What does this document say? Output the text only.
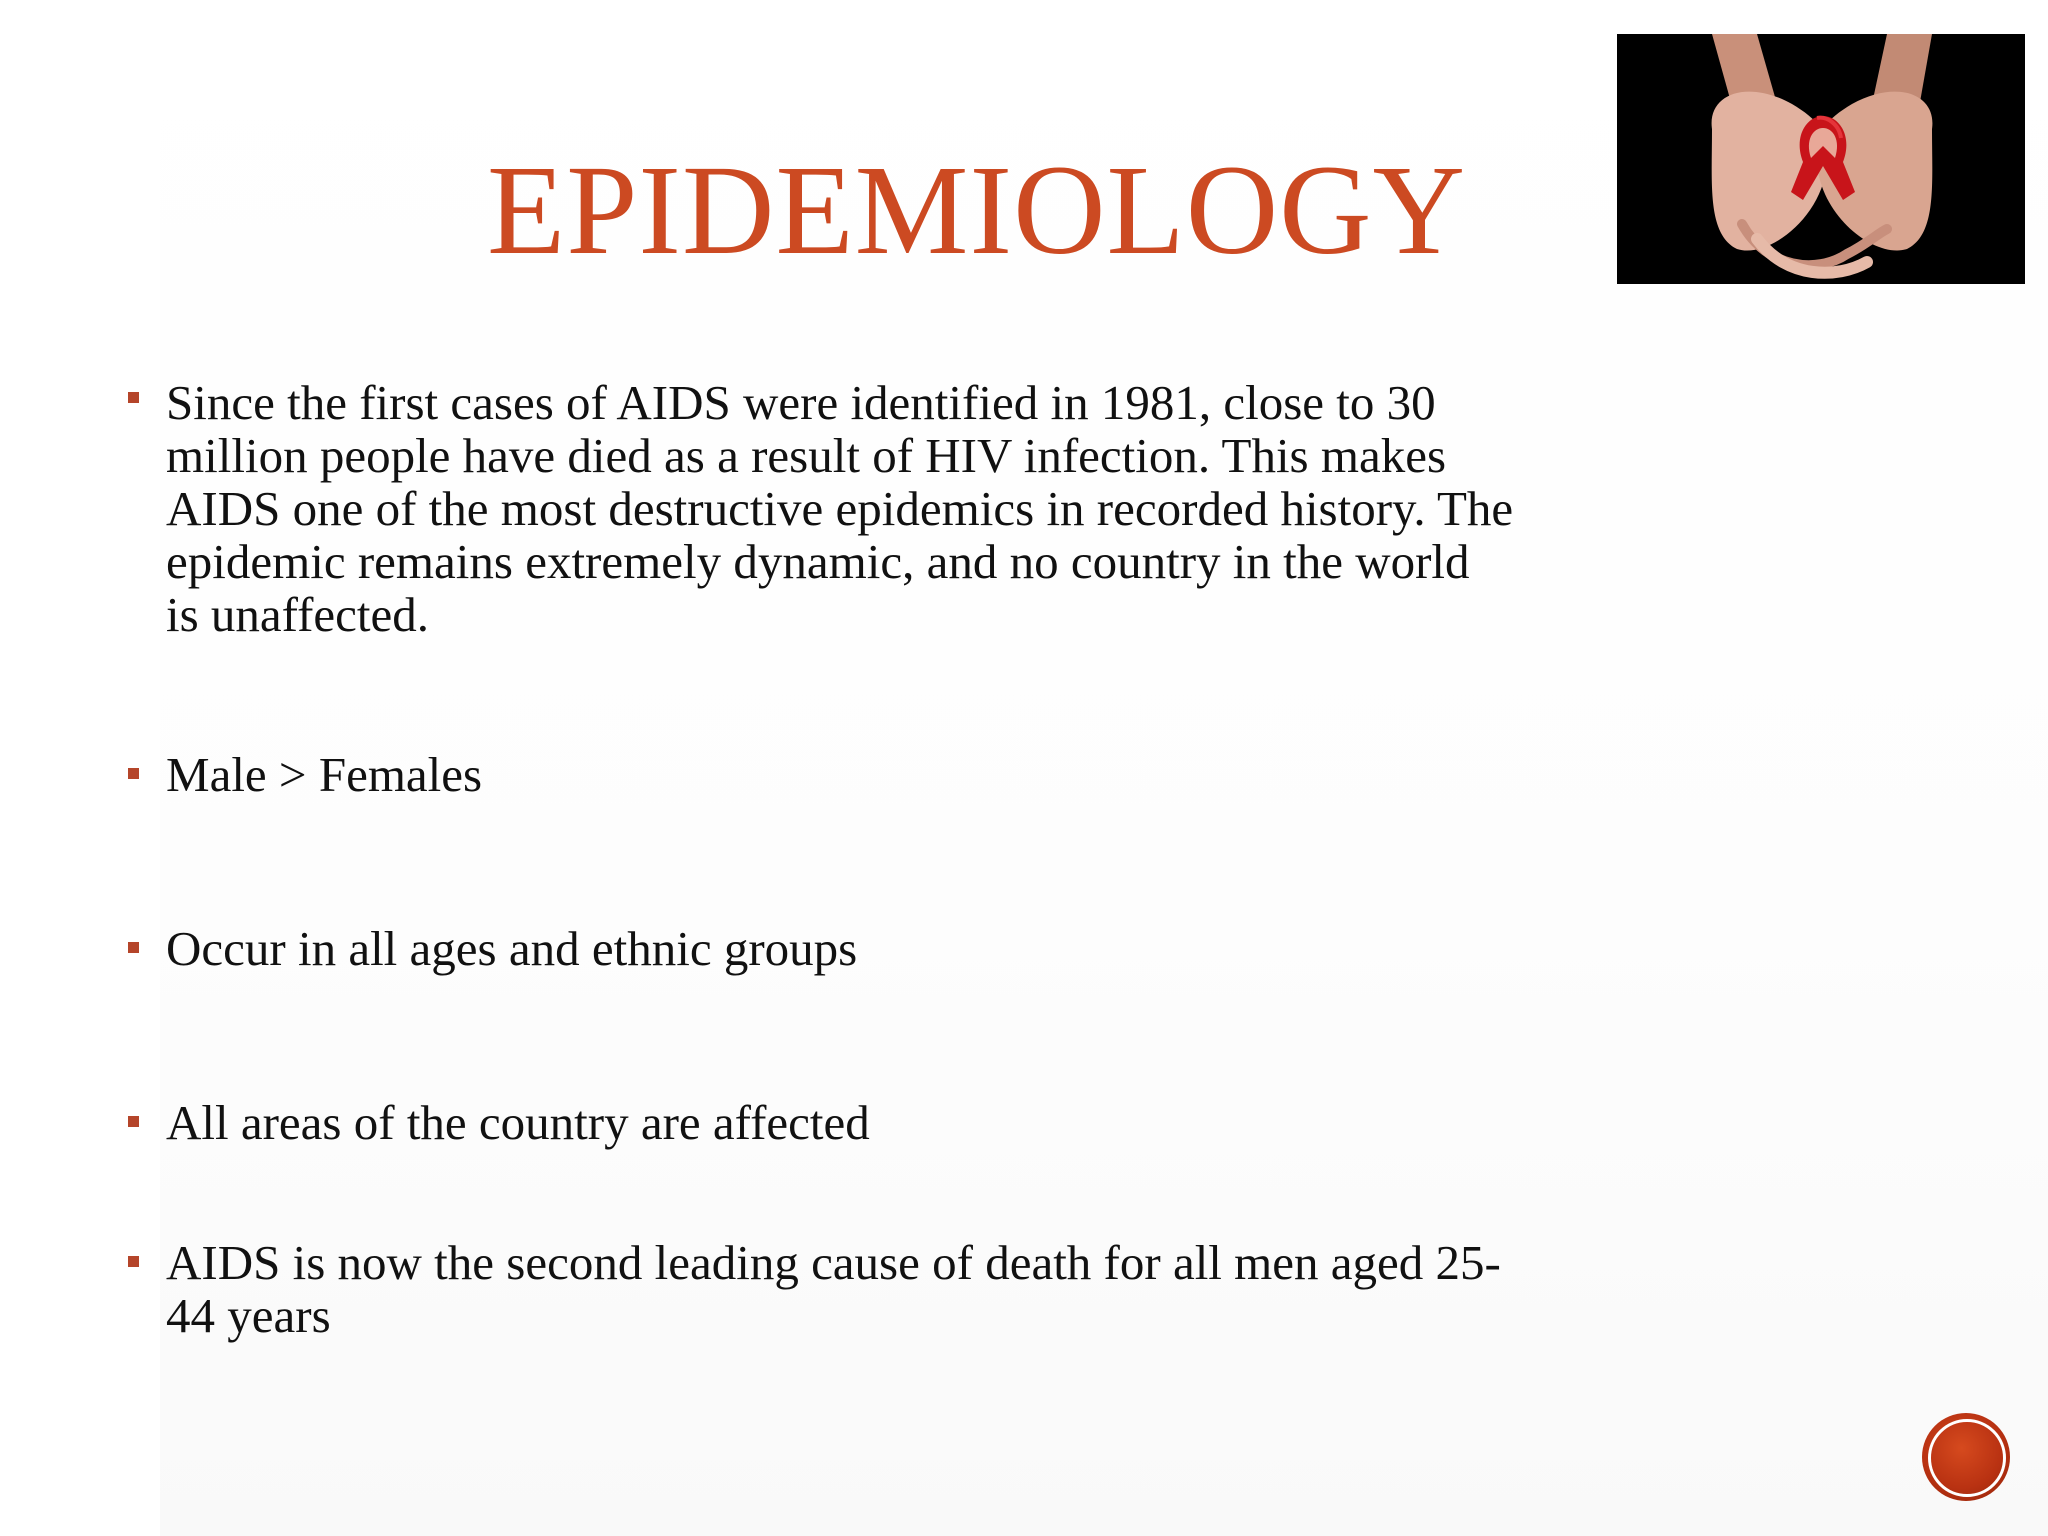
EPIDEMIOLOGY
Since the first cases of AIDS were identified in 1981, close to 30
million people have died as a result of HIV infection. This makes
AIDS one of the most destructive epidemics in recorded history. The
epidemic remains extremely dynamic, and no country in the world
is unaffected.
Male > Females
Occur in all ages and ethnic groups
All areas of the country are affected
AIDS is now the second leading cause of death for all men aged 25-
44 years
